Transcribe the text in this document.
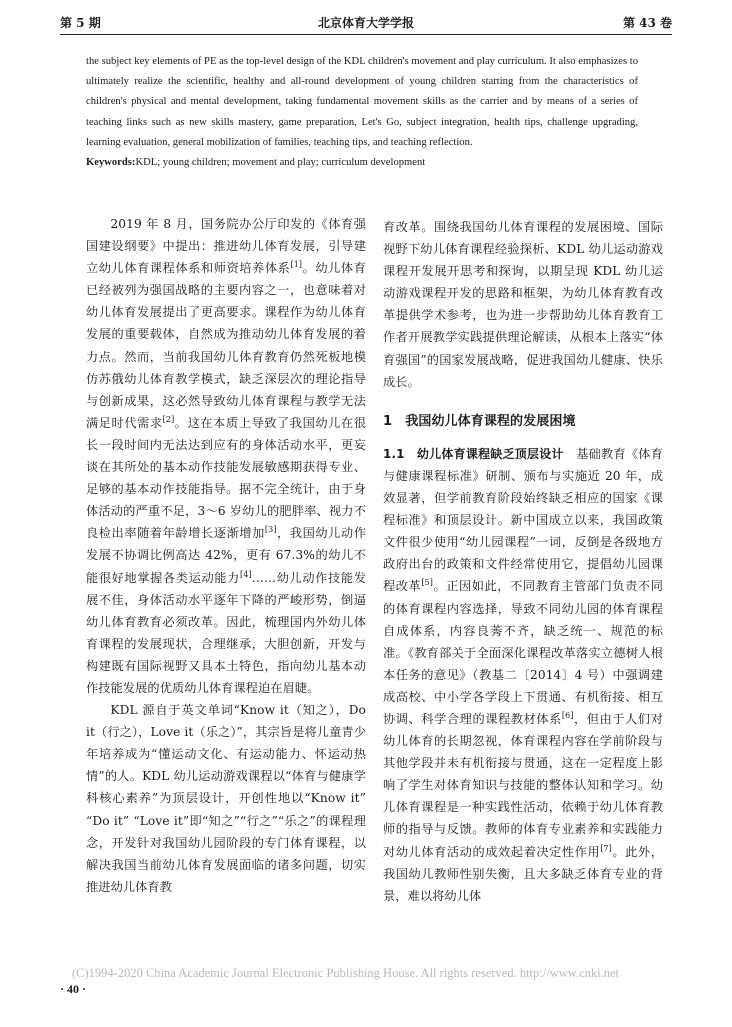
第 5 期	北京体育大学学报	第 43 卷

the subject key elements of PE as the top-level design of the KDL children's movement and play curriculum. It also emphasizes to ultimately realize the scientific, healthy and all-round development of young children starting from the characteristics of children's physical and mental development, taking fundamental movement skills as the carrier and by means of a series of teaching links such as new skills mastery, game preparation, Let's Go, subject integration, health tips, challenge upgrading, learning evaluation, general mobilization of families, teaching tips, and teaching reflection.

Keywords:KDL; young children; movement and play; curriculum development

2019 年 8 月，国务院办公厅印发的《体育强国建设纲要》中提出：推进幼儿体育发展，引导建立幼儿体育课程体系和师资培养体系[1]。幼儿体育已经被列为强国战略的主要内容之一，也意味着对幼儿体育发展提出了更高要求。课程作为幼儿体育发展的重要载体，自然成为推动幼儿体育发展的着力点。然而，当前我国幼儿体育教育仍然死板地模仿苏俄幼儿体育教学模式，缺乏深层次的理论指导与创新成果，这必然导致幼儿体育课程与教学无法满足时代需求[2]。这在本质上导致了我国幼儿在很长一段时间内无法达到应有的身体活动水平，更妄谈在其所处的基本动作技能发展敏感期获得专业、足够的基本动作技能指导。据不完全统计，由于身体活动的严重不足，3～6 岁幼儿的肥胖率、视力不良检出率随着年龄增长逐渐增加[3]，我国幼儿动作发展不协调比例高达 42%，更有 67.3%的幼儿不能很好地掌握各类运动能力[4]……幼儿动作技能发展不佳，身体活动水平逐年下降的严峻形势，倒逼幼儿体育教育必须改革。因此，梳理国内外幼儿体育课程的发展现状，合理继承，大胆创新，开发与构建既有国际视野又具本土特色，指向幼儿基本动作技能发展的优质幼儿体育课程迫在眉睫。

KDL 源自于英文单词“Know it（知之），Do it（行之），Love it（乐之）”，其宗旨是将儿童青少年培养成为“懂运动文化、有运动能力、怀运动热情”的人。KDL 幼儿运动游戏课程以“体育与健康学科核心素养”为顶层设计，开创性地以“Know it” “Do it” “Love it”即“知之”“行之”“乐之”的课程理念，开发针对我国幼儿园阶段的专门体育课程，以解决我国当前幼儿体育发展面临的诸多问题，切实推进幼儿体育教

育改革。围绕我国幼儿体育课程的发展困境、国际视野下幼儿体育课程经验探析、KDL 幼儿运动游戏课程开发展开思考和探询，以期呈现 KDL 幼儿运动游戏课程开发的思路和框架，为幼儿体育教育改革提供学术参考，也为进一步帮助幼儿体育教育工作者开展教学实践提供理论解读，从根本上落实“体育强国”的国家发展战略，促进我国幼儿健康、快乐成长。

1　我国幼儿体育课程的发展困境

1.1　幼儿体育课程缺乏顶层设计　基础教育《体育与健康课程标准》研制、颁布与实施近 20 年，成效显著，但学前教育阶段始终缺乏相应的国家《课程标准》和顶层设计。新中国成立以来，我国政策文件很少使用“幼儿园课程”一词，反倒是各级地方政府出台的政策和文件经常使用它，提倡幼儿园课程改革[5]。正因如此，不同教育主管部门负责不同的体育课程内容选择，导致不同幼儿园的体育课程自成体系，内容良莠不齐，缺乏统一、规范的标准。《教育部关于全面深化课程改革落实立德树人根本任务的意见》（教基二〔2014〕4 号）中强调建成高校、中小学各学段上下贯通、有机衔接、相互协调、科学合理的课程教材体系[6]，但由于人们对幼儿体育的长期忽视，体育课程内容在学前阶段与其他学段并未有机衔接与贯通，这在一定程度上影响了学生对体育知识与技能的整体认知和学习。幼儿体育课程是一种实践性活动，依赖于幼儿体育教师的指导与反馈。教师的体育专业素养和实践能力对幼儿体育活动的成效起着决定性作用[7]。此外，我国幼儿教师性别失衡，且大多缺乏体育专业的背景，难以将幼儿体

(C)1994-2020 China Academic Journal Electronic Publishing House. All rights reserved. http://www.cnki.net
· 40 ·
